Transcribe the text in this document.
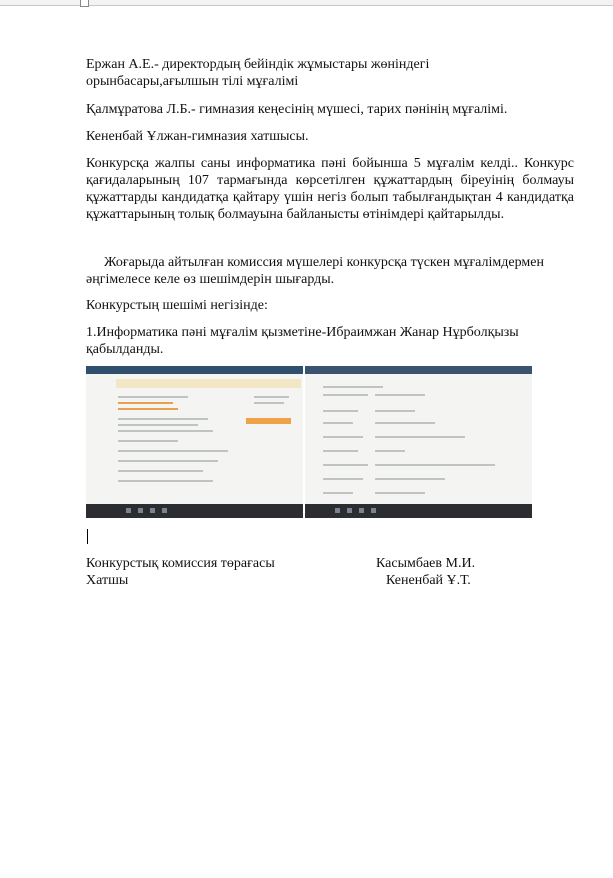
Ержан А.Е.- директордың бейіндік жұмыстары жөніндегі орынбасары,ағылшын тілі мұғалімі

Қалмұратова Л.Б.- гимназия кеңесінің мүшесі, тарих пәнінің мұғалімі.

Кененбай Ұлжан-гимназия хатшысы.

Конкурсқа жалпы саны информатика пәні бойынша 5 мұғалім келді.. Конкурс қағидаларының 107 тармағында көрсетілген құжаттардың біреуінің болмауы құжаттарды кандидатқа қайтару үшін негіз болып табылғандықтан 4 кандидатқа құжаттарының толық болмауына байланысты өтінімдері қайтарылды.

Жоғарыда айтылған комиссия мүшелері конкурсқа түскен мұғалімдермен әңгімелесе келе өз шешімдерін шығарды.

Конкурстың шешімі негізінде:

1.Информатика пәні мұғалім қызметіне-Ибраимжан Жанар Нұрболқызы қабылданды.

Конкурстық комиссия төрағасы	Касымбаев М.И.
Хатшы	Кененбай Ұ.Т.
